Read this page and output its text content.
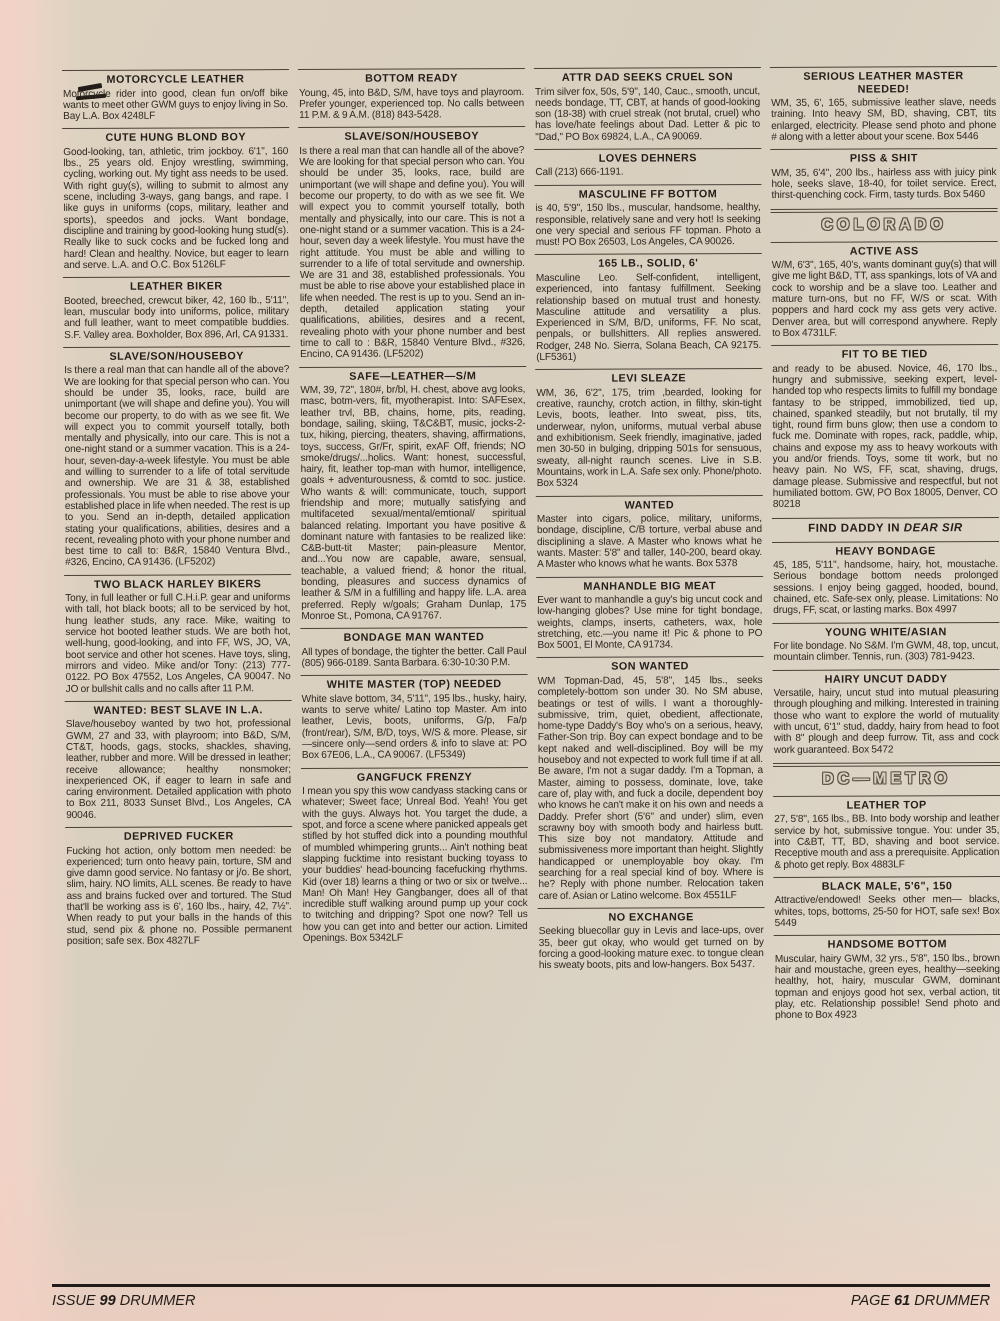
MOTORCYCLE LEATHER
Motorcycle rider into good, clean fun on/off bike wants to meet other GWM guys to enjoy living in So. Bay L.A. Box 4248LF
CUTE HUNG BLOND BOY
Good-looking, tan, athletic, trim jockboy. 6'1", 160 lbs., 25 years old. Enjoy wrestling, swimming, cycling, working out. My tight ass needs to be used. With right guy(s), willing to submit to almost any scene, including 3-ways, gang bangs, and rape. I like guys in uniforms (cops, military, leather and sports), speedos and jocks. Want bondage, discipline and training by good-looking hung stud(s). Really like to suck cocks and be fucked long and hard! Clean and healthy. Novice, but eager to learn and serve. L.A. and O.C. Box 5126LF
LEATHER BIKER
Booted, breeched, crewcut biker, 42, 160 lb., 5'11", lean, muscular body into uniforms, police, military and full leather, want to meet compatible buddies. S.F. Valley area. Boxholder, Box 896, Arl, CA 91331.
SLAVE/SON/HOUSEBOY
Is there a real man that can handle all of the above? We are looking for that special person who can. You should be under 35, looks, race, build are unimportant (we will shape and define you). You will become our property, to do with as we see fit. We will expect you to commit yourself totally, both mentally and physically, into our care. This is not a one-night stand or a summer vacation. This is a 24-hour, seven-day-a-week lifestyle. You must be able and willing to surrender to a life of total servitude and ownership. We are 31 & 38, established professionals. You must be able to rise above your established place in life when needed. The rest is up to you. Send an in-depth, detailed application stating your qualifications, abilities, desires and a recent, revealing photo with your phone number and best time to call to: B&R, 15840 Ventura Blvd., #326, Encino, CA 91436. (LF5202)
TWO BLACK HARLEY BIKERS
Tony, in full leather or full C.H.i.P. gear and uniforms with tall, hot black boots; all to be serviced by hot, hung leather studs, any race. Mike, waiting to service hot booted leather studs. We are both hot, well-hung, good-looking, and into FF, WS, JO, VA, boot service and other hot scenes. Have toys, sling, mirrors and video. Mike and/or Tony: (213) 777-0122. PO Box 47552, Los Angeles, CA 90047. No JO or bullshit calls and no calls after 11 P.M.
WANTED: BEST SLAVE IN L.A.
Slave/houseboy wanted by two hot, professional GWM, 27 and 33, with playroom; into B&D, S/M, CT&T, hoods, gags, stocks, shackles, shaving, leather, rubber and more. Will be dressed in leather; receive allowance; healthy nonsmoker; inexperienced OK, if eager to learn in safe and caring environment. Detailed application with photo to Box 211, 8033 Sunset Blvd., Los Angeles, CA 90046.
DEPRIVED FUCKER
Fucking hot action, only bottom men needed: be experienced; turn onto heavy pain, torture, SM and give damn good service. No fantasy or j/o. Be short, slim, hairy. NO limits, ALL scenes. Be ready to have ass and brains fucked over and tortured. The Stud that'll be working ass is 6', 160 lbs., hairy, 42, 7½". When ready to put your balls in the hands of this stud, send pix & phone no. Possible permanent position; safe sex. Box 4827LF
BOTTOM READY
Young, 45, into B&D, S/M, have toys and playroom. Prefer younger, experienced top. No calls between 11 P.M. & 9 A.M. (818) 843-5428.
SLAVE/SON/HOUSEBOY
Is there a real man that can handle all of the above? We are looking for that special person who can. You should be under 35, looks, race, build are unimportant (we will shape and define you). You will become our property, to do with as we see fit. We will expect you to commit yourself totally, both mentally and physically, into our care. This is not a one-night stand or a summer vacation. This is a 24-hour, seven day a week lifestyle. You must have the right attitude. You must be able and willing to surrender to a life of total servitude and ownership. We are 31 and 38, established professionals. You must be able to rise above your established place in life when needed. The rest is up to you. Send an in-depth, detailed application stating your qualifications, abilities, desires and a recent, revealing photo with your phone number and best time to call to : B&R, 15840 Venture Blvd., #326, Encino, CA 91436. (LF5202)
SAFE—LEATHER—S/M
WM, 39, 72", 180#, br/bl, H. chest, above avg looks, masc, botm-vers, fit, myotherapist. Into: SAFEsex, leather trvl, BB, chains, home, pits, reading, bondage, sailing, skiing, T&C&BT, music, jocks-2-tux, hiking, piercing, theaters, shaving, affirmations, toys, success, Gr/Fr, spirit, exAF Off, friends; NO smoke/drugs/...holics. Want: honest, successful, hairy, fit, leather top-man with humor, intelligence, goals + adventurousness, & comtd to soc. justice. Who wants & will: communicate, touch, support friendship and more; mutually satisfying and multifaceted sexual/mental/emtional/ spiritual balanced relating. Important you have positive & dominant nature with fantasies to be realized like: C&B-butt-tit Master; pain-pleasure Mentor, and...You now are capable, aware, sensual, teachable, a valued friend; & honor the ritual, bonding, pleasures and success dynamics of leather & S/M in a fulfilling and happy life. L.A. area preferred. Reply w/goals; Graham Dunlap, 175 Monroe St., Pomona, CA 91767.
BONDAGE MAN WANTED
All types of bondage, the tighter the better. Call Paul (805) 966-0189. Santa Barbara. 6:30-10:30 P.M.
WHITE MASTER (TOP) NEEDED
White slave bottom, 34, 5'11", 195 lbs., husky, hairy, wants to serve white/ Latino top Master. Am into leather, Levis, boots, uniforms, G/p, Fa/p (front/rear), S/M, B/D, toys, W/S & more. Please, sir—sincere only—send orders & info to slave at: PO Box 67E06, L.A., CA 90067. (LF5349)
GANGFUCK FRENZY
I mean you spy this wow candyass stacking cans or whatever; Sweet face; Unreal Bod. Yeah! You get with the guys. Always hot. You target the dude, a spot, and force a scene where panicked appeals get stifled by hot stuffed dick into a pounding mouthful of mumbled whimpering grunts... Ain't nothing beat slapping fucktime into resistant bucking toyass to your buddies' head-bouncing facefucking rhythms. Kid (over 18) learns a thing or two or six or twelve... Man! Oh Man! Hey Gangbanger, does all of that incredible stuff walking around pump up your cock to twitching and dripping? Spot one now? Tell us how you can get into and better our action. Limited Openings. Box 5342LF
ATTR DAD SEEKS CRUEL SON
Trim silver fox, 50s, 5'9", 140, Cauc., smooth, uncut, needs bondage, TT, CBT, at hands of good-looking son (18-38) with cruel streak (not brutal, cruel) who has love/hate feelings about Dad. Letter & pic to "Dad," PO Box 69824, L.A., CA 90069.
LOVES DEHNERS
Call (213) 666-1191.
MASCULINE FF BOTTOM
is 40, 5'9", 150 lbs., muscular, handsome, healthy, responsible, relatively sane and very hot! Is seeking one very special and serious FF topman. Photo a must! PO Box 26503, Los Angeles, CA 90026.
165 LB., SOLID, 6'
Masculine Leo. Self-confident, intelligent, experienced, into fantasy fulfillment. Seeking relationship based on mutual trust and honesty. Masculine attitude and versatility a plus. Experienced in S/M, B/D, uniforms, FF. No scat, penpals, or bullshitters. All replies answered. Rodger, 248 No. Sierra, Solana Beach, CA 92175. (LF5361)
LEVI SLEAZE
WM, 36, 6'2", 175, trim ,bearded, looking for creative, raunchy, crotch action, in filthy, skin-tight Levis, boots, leather. Into sweat, piss, tits, underwear, nylon, uniforms, mutual verbal abuse and exhibitionism. Seek friendly, imaginative, jaded men 30-50 in bulging, dripping 501s for sensuous, sweaty, all-night raunch scenes. Live in S.B. Mountains, work in L.A. Safe sex only. Phone/photo. Box 5324
WANTED
Master into cigars, police, military, uniforms, bondage, discipline, C/B torture, verbal abuse and disciplining a slave. A Master who knows what he wants. Master: 5'8" and taller, 140-200, beard okay. A Master who knows what he wants. Box 5378
MANHANDLE BIG MEAT
Ever want to manhandle a guy's big uncut cock and low-hanging globes? Use mine for tight bondage, weights, clamps, inserts, catheters, wax, hole stretching, etc.—you name it! Pic & phone to PO Box 5001, El Monte, CA 91734.
SON WANTED
WM Topman-Dad, 45, 5'8", 145 lbs., seeks completely-bottom son under 30. No SM abuse, beatings or test of wills. I want a thoroughly-submissive, trim, quiet, obedient, affectionate, home-type Daddy's Boy who's on a serious, heavy, Father-Son trip. Boy can expect bondage and to be kept naked and well-disciplined. Boy will be my houseboy and not expected to work full time if at all. Be aware, I'm not a sugar daddy. I'm a Topman, a Master, aiming to possess, dominate, love, take care of, play with, and fuck a docile, dependent boy who knows he can't make it on his own and needs a Daddy. Prefer short (5'6" and under) slim, even scrawny boy with smooth body and hairless butt. This size boy not mandatory. Attitude and submissiveness more important than height. Slightly handicapped or unemployable boy okay. I'm searching for a real special kind of boy. Where is he? Reply with phone number. Relocation taken care of. Asian or Latino welcome. Box 4551LF
NO EXCHANGE
Seeking bluecollar guy in Levis and lace-ups, over 35, beer gut okay, who would get turned on by forcing a good-looking mature exec. to tongue clean his sweaty boots, pits and low-hangers. Box 5437.
SERIOUS LEATHER MASTER NEEDED!
WM, 35, 6', 165, submissive leather slave, needs training. Into heavy SM, BD, shaving, CBT, tits enlarged, electricity. Please send photo and phone # along with a letter about your scene. Box 5446
PISS & SHIT
WM, 35, 6'4", 200 lbs., hairless ass with juicy pink hole, seeks slave, 18-40, for toilet service. Erect, thirst-quenching cock. Firm, tasty turds. Box 5460
COLORADO
ACTIVE ASS
W/M, 6'3", 165, 40's, wants dominant guy(s) that will give me light B&D, TT, ass spankings, lots of VA and cock to worship and be a slave too. Leather and mature turn-ons, but no FF, W/S or scat. With poppers and hard cock my ass gets very active. Denver area, but will correspond anywhere. Reply to Box 4731LF.
FIT TO BE TIED
and ready to be abused. Novice, 46, 170 lbs., hungry and submissive, seeking expert, level-handed top who respects limits to fulfill my bondage fantasy to be stripped, immobilized, tied up, chained, spanked steadily, but not brutally, til my tight, round firm buns glow; then use a condom to fuck me. Dominate with ropes, rack, paddle, whip, chains and expose my ass to heavy workouts with you and/or friends. Toys, some tit work, but no heavy pain. No WS, FF, scat, shaving, drugs, damage please. Submissive and respectful, but not humiliated bottom. GW, PO Box 18005, Denver, CO 80218
FIND DADDY IN DEAR SIR
HEAVY BONDAGE
45, 185, 5'11", handsome, hairy, hot, moustache. Serious bondage bottom needs prolonged sessions. I enjoy being gagged, hooded, bound, chained, etc. Safe-sex only, please. Limitations: No drugs, FF, scat, or lasting marks. Box 4997
YOUNG WHITE/ASIAN
For lite bondage. No S&M. I'm GWM, 48, top, uncut, mountain climber. Tennis, run. (303) 781-9423.
HAIRY UNCUT DADDY
Versatile, hairy, uncut stud into mutual pleasuring through ploughing and milking. Interested in training those who want to explore the world of mutuality with uncut, 6'1" stud, daddy, hairy from head to foot with 8" plough and deep furrow. Tit, ass and cock work guaranteed. Box 5472
DC—METRO
LEATHER TOP
27, 5'8", 165 lbs., BB. Into body worship and leather service by hot, submissive tongue. You: under 35, into C&BT, TT, BD, shaving and boot service. Receptive mouth and ass a prerequisite. Application & photo get reply. Box 4883LF
BLACK MALE, 5'6", 150
Attractive/endowed! Seeks other men— blacks, whites, tops, bottoms, 25-50 for HOT, safe sex! Box 5449
HANDSOME BOTTOM
Muscular, hairy GWM, 32 yrs., 5'8", 150 lbs., brown hair and moustache, green eyes, healthy—seeking healthy, hot, hairy, muscular GWM, dominant topman and enjoys good hot sex, verbal action, tit play, etc. Relationship possible! Send photo and phone to Box 4923
ISSUE 99 DRUMMER	PAGE 61 DRUMMER
